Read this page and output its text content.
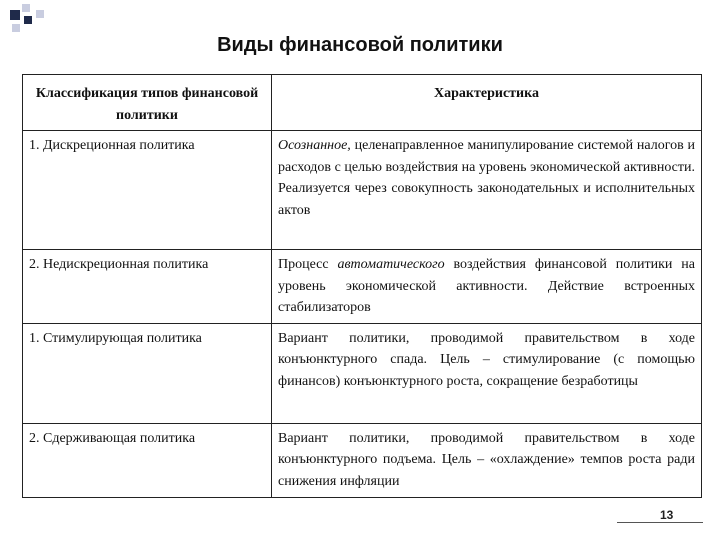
Виды финансовой политики
Классификация типов финансовой политики	Характеристика
1. Дискреционная политика	Осознанное, целенаправленное манипулирование системой налогов и расходов с целью воздействия на уровень экономической активности. Реализуется через совокупность законодательных и исполнительных актов
2. Недискреционная политика	Процесс автоматического воздействия финансовой политики на уровень экономической активности. Действие встроенных стабилизаторов
1. Стимулирующая политика	Вариант политики, проводимой правительством в ходе конъюнктурного спада. Цель – стимулирование (с помощью финансов) конъюнктурного роста, сокращение безработицы
2. Сдерживающая политика	Вариант политики, проводимой правительством в ходе конъюнктурного подъема. Цель – «охлаждение» темпов роста ради снижения инфляции
13
